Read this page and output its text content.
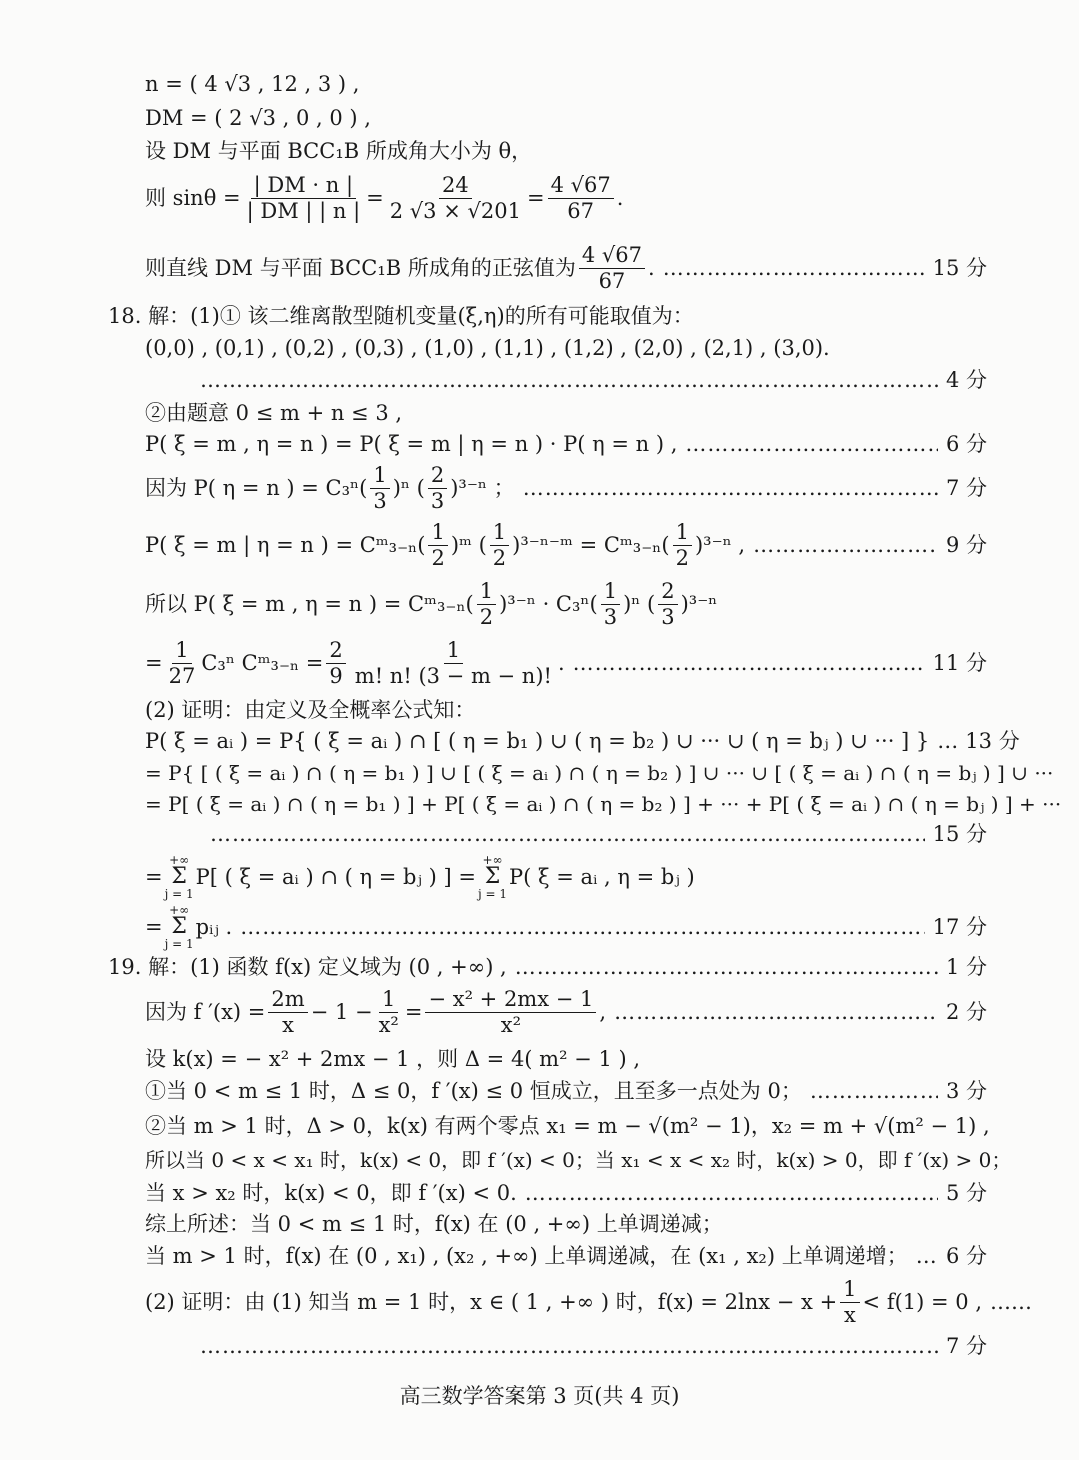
n = ( 4 √3 , 12 , 3 ) ,
DM = ( 2 √3 , 0 , 0 ) ,
设 DM 与平面 BCC₁B 所成角大小为 θ，
则 $\sin\theta = \frac{| DM \cdot n |}{| DM | | n |} = \frac{24}{2 √3 \times √201} = \frac{4 √67}{67}$ .
则直线 DM 与平面 BCC₁B 所成角的正弦值为 $\frac{4 √67}{67}$ . …………………………………………………………………………………………………………………………………………………………………………………………………………	15 分
18. 解：(1)① 该二维离散型随机变量(ξ,η)的所有可能取值为：
(0,0) , (0,1) , (0,2) , (0,3) , (1,0) , (1,1) , (1,2) , (2,0) , (2,1) , (3,0).
…………………………………………………………………………………………………………………………………………………………………………………………………………
4 分
②由题意 0 ≤ m + n ≤ 3 ,
P( ξ = m , η = n ) = P( ξ = m | η = n ) · P( η = n ) , …………………………………………………………………………………………………………………………………………………………………………………………………………	6 分
因为 P( η = n ) = $C_3^n( \frac{1}{3} )^n$ ( $\frac{2}{3} )^{3-n}$ ； …………………………………………………………………………………………………………………………………………………………………………………………………………	7 分
P( ξ = m | η = n ) = Cᵐ₃₋ₙ( $\frac{1}{2}$ )ᵐ ( $\frac{1}{2}$ )³⁻ⁿ⁻ᵐ = Cᵐ₃₋ₙ( $\frac{1}{2} )^{3-n}$ , …………………………………………………………………………………………………………………………………………………………………………………………………………	9 分
所以 P( ξ = m , η = n ) = Cᵐ₃₋ₙ( $\frac{1}{2} )^{3-n} \cdot C_3^n( \frac{1}{3} )^n$ ( $\frac{2}{3} )^{3-n}$
= $\frac{1}{27} C_3^n$ Cᵐ₃₋ₙ = $\frac{2}{9} \frac{1}{m! n! (3 - m - n)!}$ . …………………………………………………………………………………………………………………………………………………………………………………………………………	11 分
(2) 证明：由定义及全概率公式知：
P( ξ = aᵢ ) = P{ ( ξ = aᵢ ) ∩ [ ( η = b₁ ) ∪ ( η = b₂ ) ∪ ··· ∪ ( η = bⱼ ) ∪ ··· ] } ………………………………………………………………………………………………………………………………………………………………………………………………………… 13 分
= P{ [ ( ξ = aᵢ ) ∩ ( η = b₁ ) ] ∪ [ ( ξ = aᵢ ) ∩ ( η = b₂ ) ] ∪ ··· ∪ [ ( ξ = aᵢ ) ∩ ( η = bⱼ ) ] ∪ ···
= P[ ( ξ = aᵢ ) ∩ ( η = b₁ ) ] + P[ ( ξ = aᵢ ) ∩ ( η = b₂ ) ] + ··· + P[ ( ξ = aᵢ ) ∩ ( η = bⱼ ) ] + ···
…………………………………………………………………………………………………………………………………………………………………………………………………………
15 分
=
+∞
Σ
j = 1
P[ ( ξ = aᵢ ) ∩ ( η = bⱼ ) ] =
+∞
Σ
j = 1
P( ξ = aᵢ , η = bⱼ )
=
+∞
Σ
j = 1
pᵢⱼ . …………………………………………………………………………………………………………………………………………………………………………………………………………	17 分
19. 解：(1) 函数 f(x) 定义域为 (0 , +∞) , …………………………………………………………………………………………………………………………………………………………………………………………………………	1 分
因为 f $'(x) = \frac{2m}{x} - 1 - \frac{1}{\text{x²}} = \frac{\text{− x² + 2mx − 1}}{\text{x²}}$ , …………………………………………………………………………………………………………………………………………………………………………………………………………	2 分
设 k(x) = − x² + 2mx − 1 ，则 Δ = 4( m² − 1 ) ,
①当 0 < m ≤ 1 时，Δ ≤ 0，f ′(x) ≤ 0 恒成立，且至多一点处为 0； …………………………………………………………………………………………………………………………………………………………………………………………………………	3 分
②当 m > 1 时，Δ > 0，k(x) 有两个零点 x₁ = m − √(m² − 1)，x₂ = m + √(m² − 1) ,
所以当 0 < x < x₁ 时，k(x) < 0，即 f ′(x) < 0；当 x₁ < x < x₂ 时，k(x) > 0，即 f ′(x) > 0；
当 x > x₂ 时，k(x) < 0，即 f ′(x) < 0. …………………………………………………………………………………………………………………………………………………………………………………………………………	5 分
综上所述：当 0 < m ≤ 1 时，f(x) 在 (0 , +∞) 上单调递减；
当 m > 1 时，f(x) 在 (0 , x₁) , (x₂ , +∞) 上单调递减，在 (x₁ , x₂) 上单调递增； ………………………………………………………………………………………………………………………………………………………………………………………………………… 6 分
(2) 证明：由 (1) 知当 m = 1 时，x ∈ ( 1 , +∞ ) 时，$f(x) = 2\ln x - x + \frac{1}{x} < f(1) = 0$ , ……
…………………………………………………………………………………………………………………………………………………………………………………………………………
7 分
高三数学答案第 3 页(共 4 页)
